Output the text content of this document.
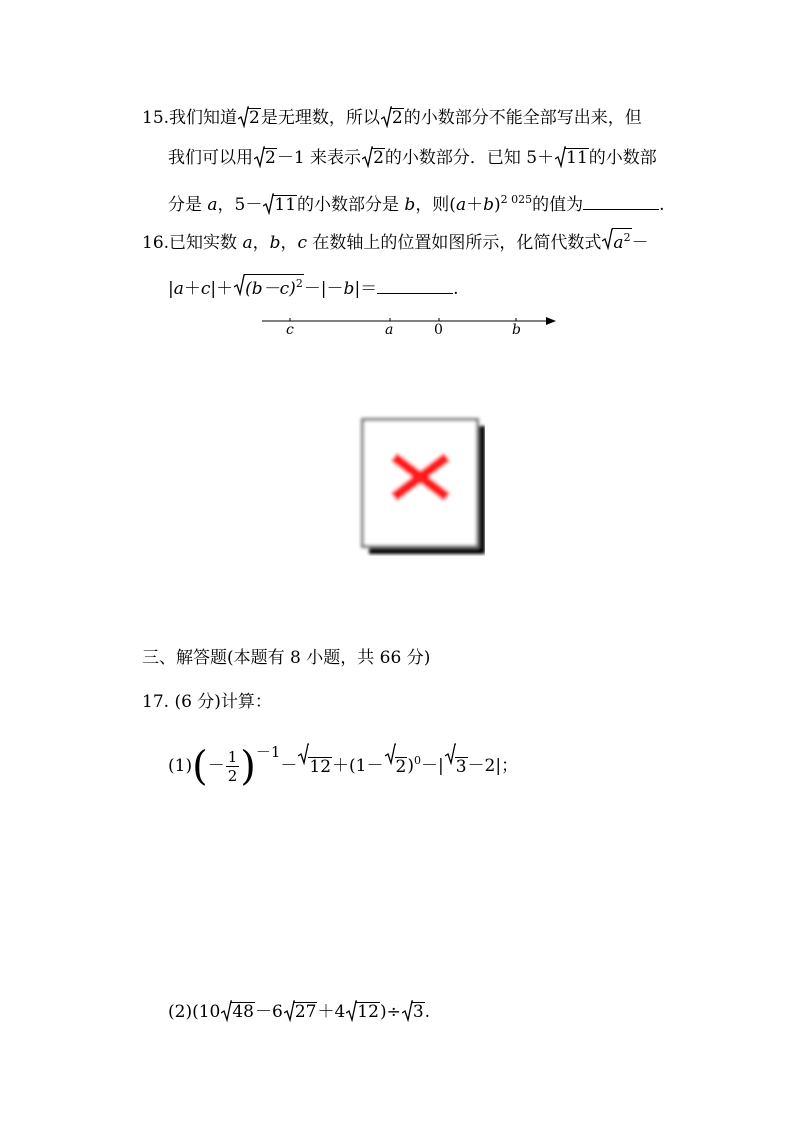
15.我们知道 2是无理数，所以 2的小数部分不能全部写出来，但
我们可以用 2－1 来表示 2的小数部分．已知 5＋ 11的小数部
分是 a，5－ 11的小数部分是 b，则$(a+b)^{2 025}$的值为	.
16.已知实数 a，b，c 在数轴上的位置如图所示，化简代数式 $a^2-$
$|a+c|+ (b-c)^2-|-b|=$	.
c	a	0	b
三、解答题(本题有 8 小题，共 66 分)
17. (6 分)计算：
$(1)(- \frac{1}{2} )^{-1}- 12+(1- 2)^0-|$ 3－2|；
(2)(10 48－6 27＋4 12)÷ 3.
